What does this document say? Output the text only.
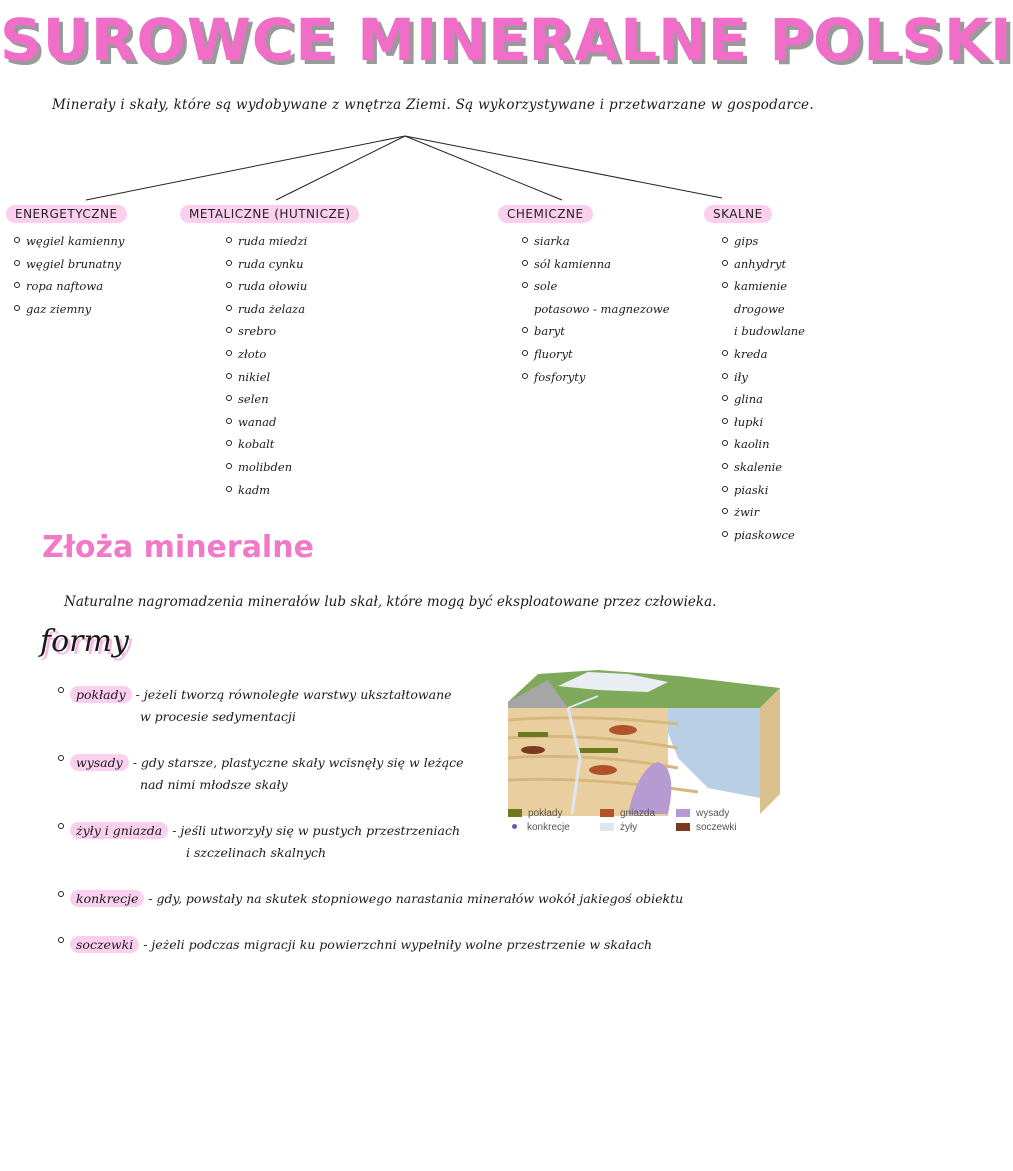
SUROWCE MINERALNE POLSKI
Minerały i skały, które są wydobywane z wnętrza Ziemi. Są wykorzystywane i przetwarzane w gospodarce.
ENERGETYCZNE
węgiel kamienny
węgiel brunatny
ropa naftowa
gaz ziemny
METALICZNE (HUTNICZE)
ruda miedzi
ruda cynku
ruda ołowiu
ruda żelaza
srebro
złoto
nikiel
selen
wanad
kobalt
molibden
kadm
CHEMICZNE
siarka
sól kamienna
sole
potasowo - magnezowe
baryt
fluoryt
fosforyty
SKALNE
gips
anhydryt
kamienie
drogowe
i budowlane
kreda
iły
glina
łupki
kaolin
skalenie
piaski
żwir
piaskowce
Złoża mineralne
Naturalne nagromadzenia minerałów lub skał, które mogą być eksploatowane przez człowieka.
formy
pokłady - jeżeli tworzą równoległe warstwy ukształtowane
w procesie sedymentacji
wysady - gdy starsze, plastyczne skały wcisnęły się w leżące
nad nimi młodsze skały
żyły i gniazda - jeśli utworzyły się w pustych przestrzeniach
i szczelinach skalnych
konkrecje - gdy, powstały na skutek stopniowego narastania minerałów wokół jakiegoś obiektu
soczewki - jeżeli podczas migracji ku powierzchni wypełniły wolne przestrzenie w skałach
pokłady	gniazda	wysady
konkrecje	żyły	soczewki
